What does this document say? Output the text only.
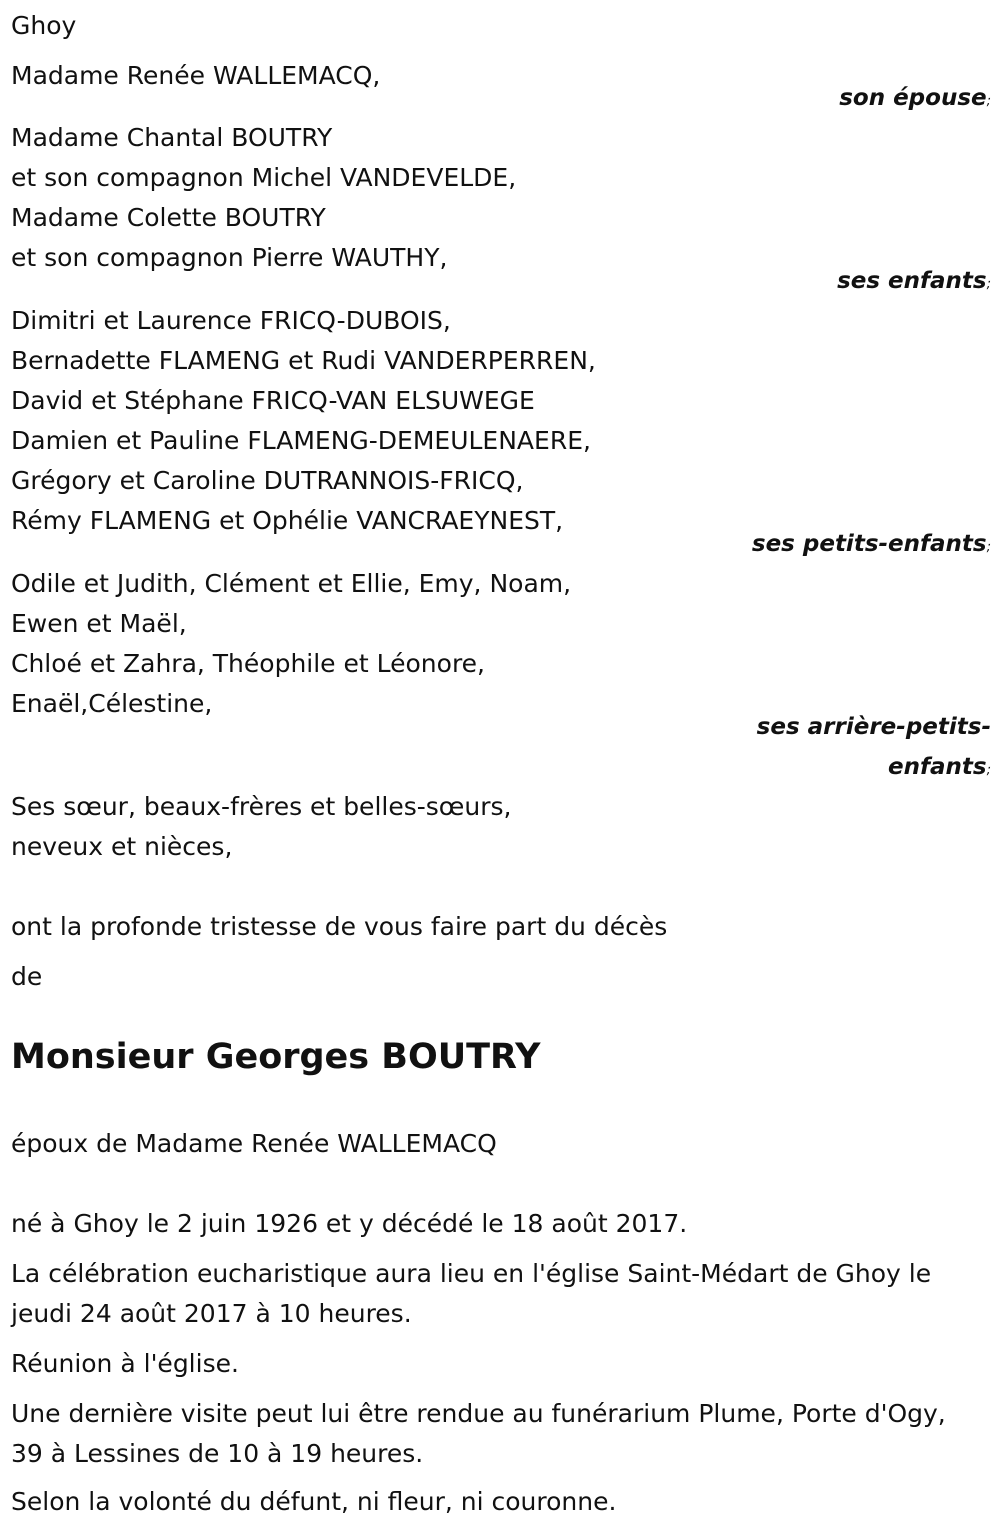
Ghoy
Madame Renée WALLEMACQ,
son épouse;
Madame Chantal BOUTRY
et son compagnon Michel VANDEVELDE,
Madame Colette BOUTRY
et son compagnon Pierre WAUTHY,
ses enfants;
Dimitri et Laurence FRICQ-DUBOIS,
Bernadette FLAMENG et Rudi VANDERPERREN,
David et Stéphane FRICQ-VAN ELSUWEGE
Damien et Pauline FLAMENG-DEMEULENAERE,
Grégory et Caroline DUTRANNOIS-FRICQ,
Rémy FLAMENG et Ophélie VANCRAEYNEST,
ses petits-enfants;
Odile et Judith, Clément et Ellie, Emy, Noam,
Ewen et Maël,
Chloé et Zahra, Théophile et Léonore,
Enaël,Célestine,
ses arrière-petits-
enfants;
Ses sœur, beaux-frères et belles-sœurs,
neveux et nièces,
ont la profonde tristesse de vous faire part du décès
de
Monsieur Georges BOUTRY
époux de Madame Renée WALLEMACQ
né à Ghoy le 2 juin 1926 et y décédé le 18 août 2017.
La célébration eucharistique aura lieu en l'église Saint-Médart de Ghoy le jeudi 24 août 2017 à 10 heures.
Réunion à l'église.
Une dernière visite peut lui être rendue au funérarium Plume, Porte d'Ogy, 39 à Lessines de 10 à 19 heures.
Selon la volonté du défunt, ni fleur, ni couronne.
